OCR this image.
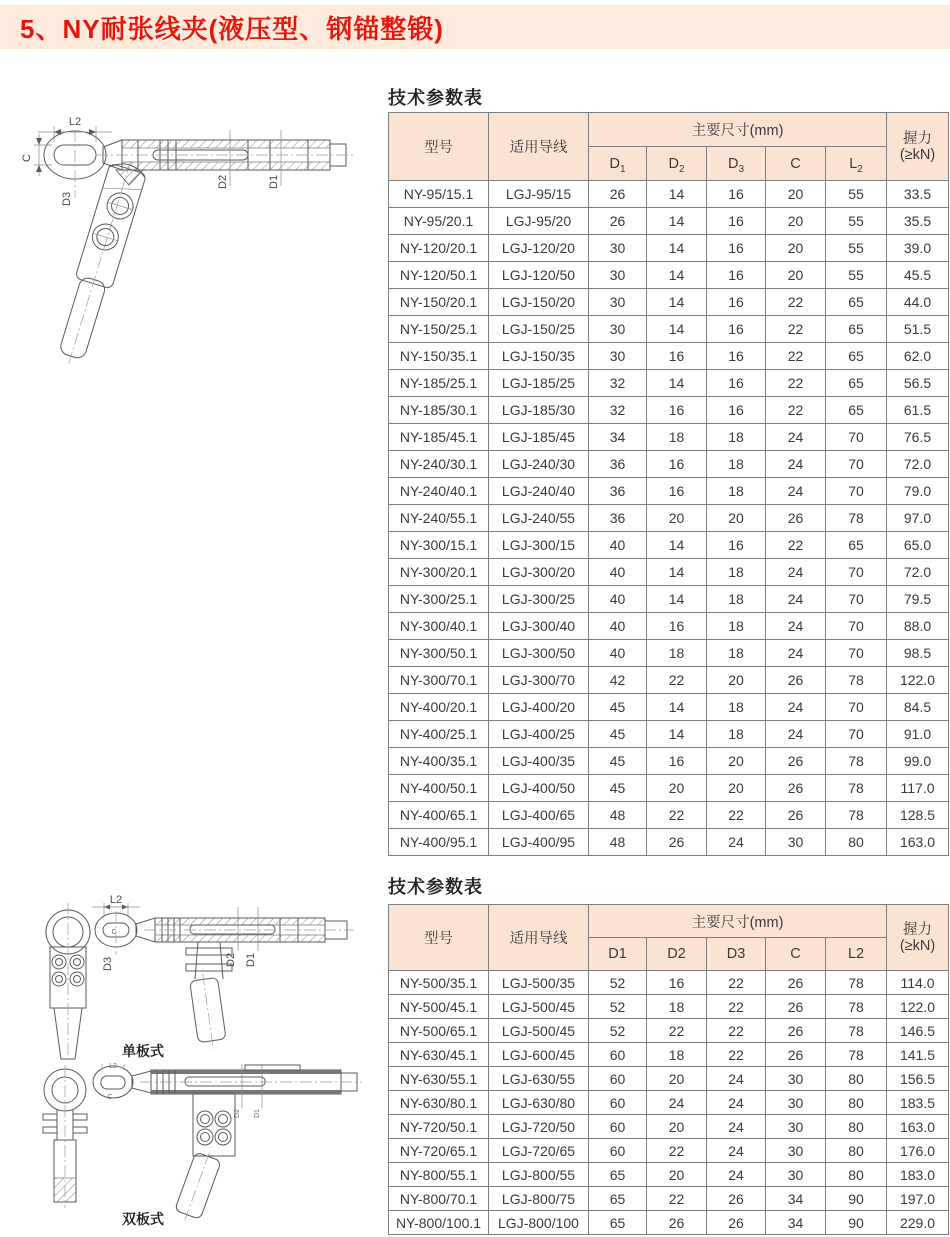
5、NY耐张线夹(液压型、钢锚整锻)
L2
C
D3
D2	D1
L2
C
D3	D2 D1
单板式
L2
C
D2 D1
双板式
技术参数表
型号	适用导线	主要尺寸(mm)					握力
(≥kN)

		$D_1$	$D_2$	$D_3$	C	$L_2$
NY-95/15.1	LGJ-95/15	26	14	16	20	55	33.5
NY-95/20.1	LGJ-95/20	26	14	16	20	55	35.5
NY-120/20.1	LGJ-120/20	30	14	16	20	55	39.0
NY-120/50.1	LGJ-120/50	30	14	16	20	55	45.5
NY-150/20.1	LGJ-150/20	30	14	16	22	65	44.0
NY-150/25.1	LGJ-150/25	30	14	16	22	65	51.5
NY-150/35.1	LGJ-150/35	30	16	16	22	65	62.0
NY-185/25.1	LGJ-185/25	32	14	16	22	65	56.5
NY-185/30.1	LGJ-185/30	32	16	16	22	65	61.5
NY-185/45.1	LGJ-185/45	34	18	18	24	70	76.5
NY-240/30.1	LGJ-240/30	36	16	18	24	70	72.0
NY-240/40.1	LGJ-240/40	36	16	18	24	70	79.0
NY-240/55.1	LGJ-240/55	36	20	20	26	78	97.0
NY-300/15.1	LGJ-300/15	40	14	16	22	65	65.0
NY-300/20.1	LGJ-300/20	40	14	18	24	70	72.0
NY-300/25.1	LGJ-300/25	40	14	18	24	70	79.5
NY-300/40.1	LGJ-300/40	40	16	18	24	70	88.0
NY-300/50.1	LGJ-300/50	40	18	18	24	70	98.5
NY-300/70.1	LGJ-300/70	42	22	20	26	78	122.0
NY-400/20.1	LGJ-400/20	45	14	18	24	70	84.5
NY-400/25.1	LGJ-400/25	45	14	18	24	70	91.0
NY-400/35.1	LGJ-400/35	45	16	20	26	78	99.0
NY-400/50.1	LGJ-400/50	45	20	20	26	78	117.0
NY-400/65.1	LGJ-400/65	48	22	22	26	78	128.5
NY-400/95.1	LGJ-400/95	48	26	24	30	80	163.0
技术参数表
型号	适用导线	主要尺寸(mm)					握力
(≥kN)

		D1	D2	D3	C	L2	
NY-500/35.1	LGJ-500/35	52	16	22	26	78	114.0
NY-500/45.1	LGJ-500/45	52	18	22	26	78	122.0
NY-500/65.1	LGJ-500/45	52	22	22	26	78	146.5
NY-630/45.1	LGJ-600/45	60	18	22	26	78	141.5
NY-630/55.1	LGJ-630/55	60	20	24	30	80	156.5
NY-630/80.1	LGJ-630/80	60	24	24	30	80	183.5
NY-720/50.1	LGJ-720/50	60	20	24	30	80	163.0
NY-720/65.1	LGJ-720/65	60	22	24	30	80	176.0
NY-800/55.1	LGJ-800/55	65	20	24	30	80	183.0
NY-800/70.1	LGJ-800/75	65	22	26	34	90	197.0
NY-800/100.1	LGJ-800/100	65	26	26	34	90	229.0
